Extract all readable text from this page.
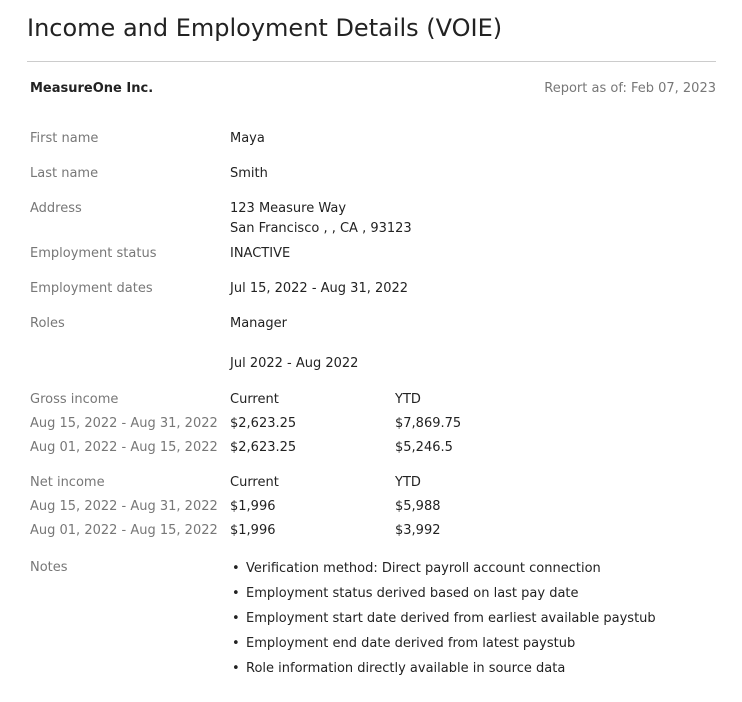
Income and Employment Details (VOIE)
MeasureOne Inc.	Report as of: Feb 07, 2023
First name	Maya
Last name	Smith
Address	123 Measure Way
San Francisco , , CA , 93123
Employment status	INACTIVE
Employment dates	Jul 15, 2022 - Aug 31, 2022
Roles	Manager
Jul 2022 - Aug 2022
Gross income	Current	YTD
Aug 15, 2022 - Aug 31, 2022 $2,623.25	$7,869.75
Aug 01, 2022 - Aug 15, 2022 $2,623.25	$5,246.5
Net income	Current	YTD
Aug 15, 2022 - Aug 31, 2022 $1,996	$5,988
Aug 01, 2022 - Aug 15, 2022 $1,996	$3,992
Notes	• Verification method: Direct payroll account connection
• Employment status derived based on last pay date
• Employment start date derived from earliest available paystub
• Employment end date derived from latest paystub
• Role information directly available in source data
